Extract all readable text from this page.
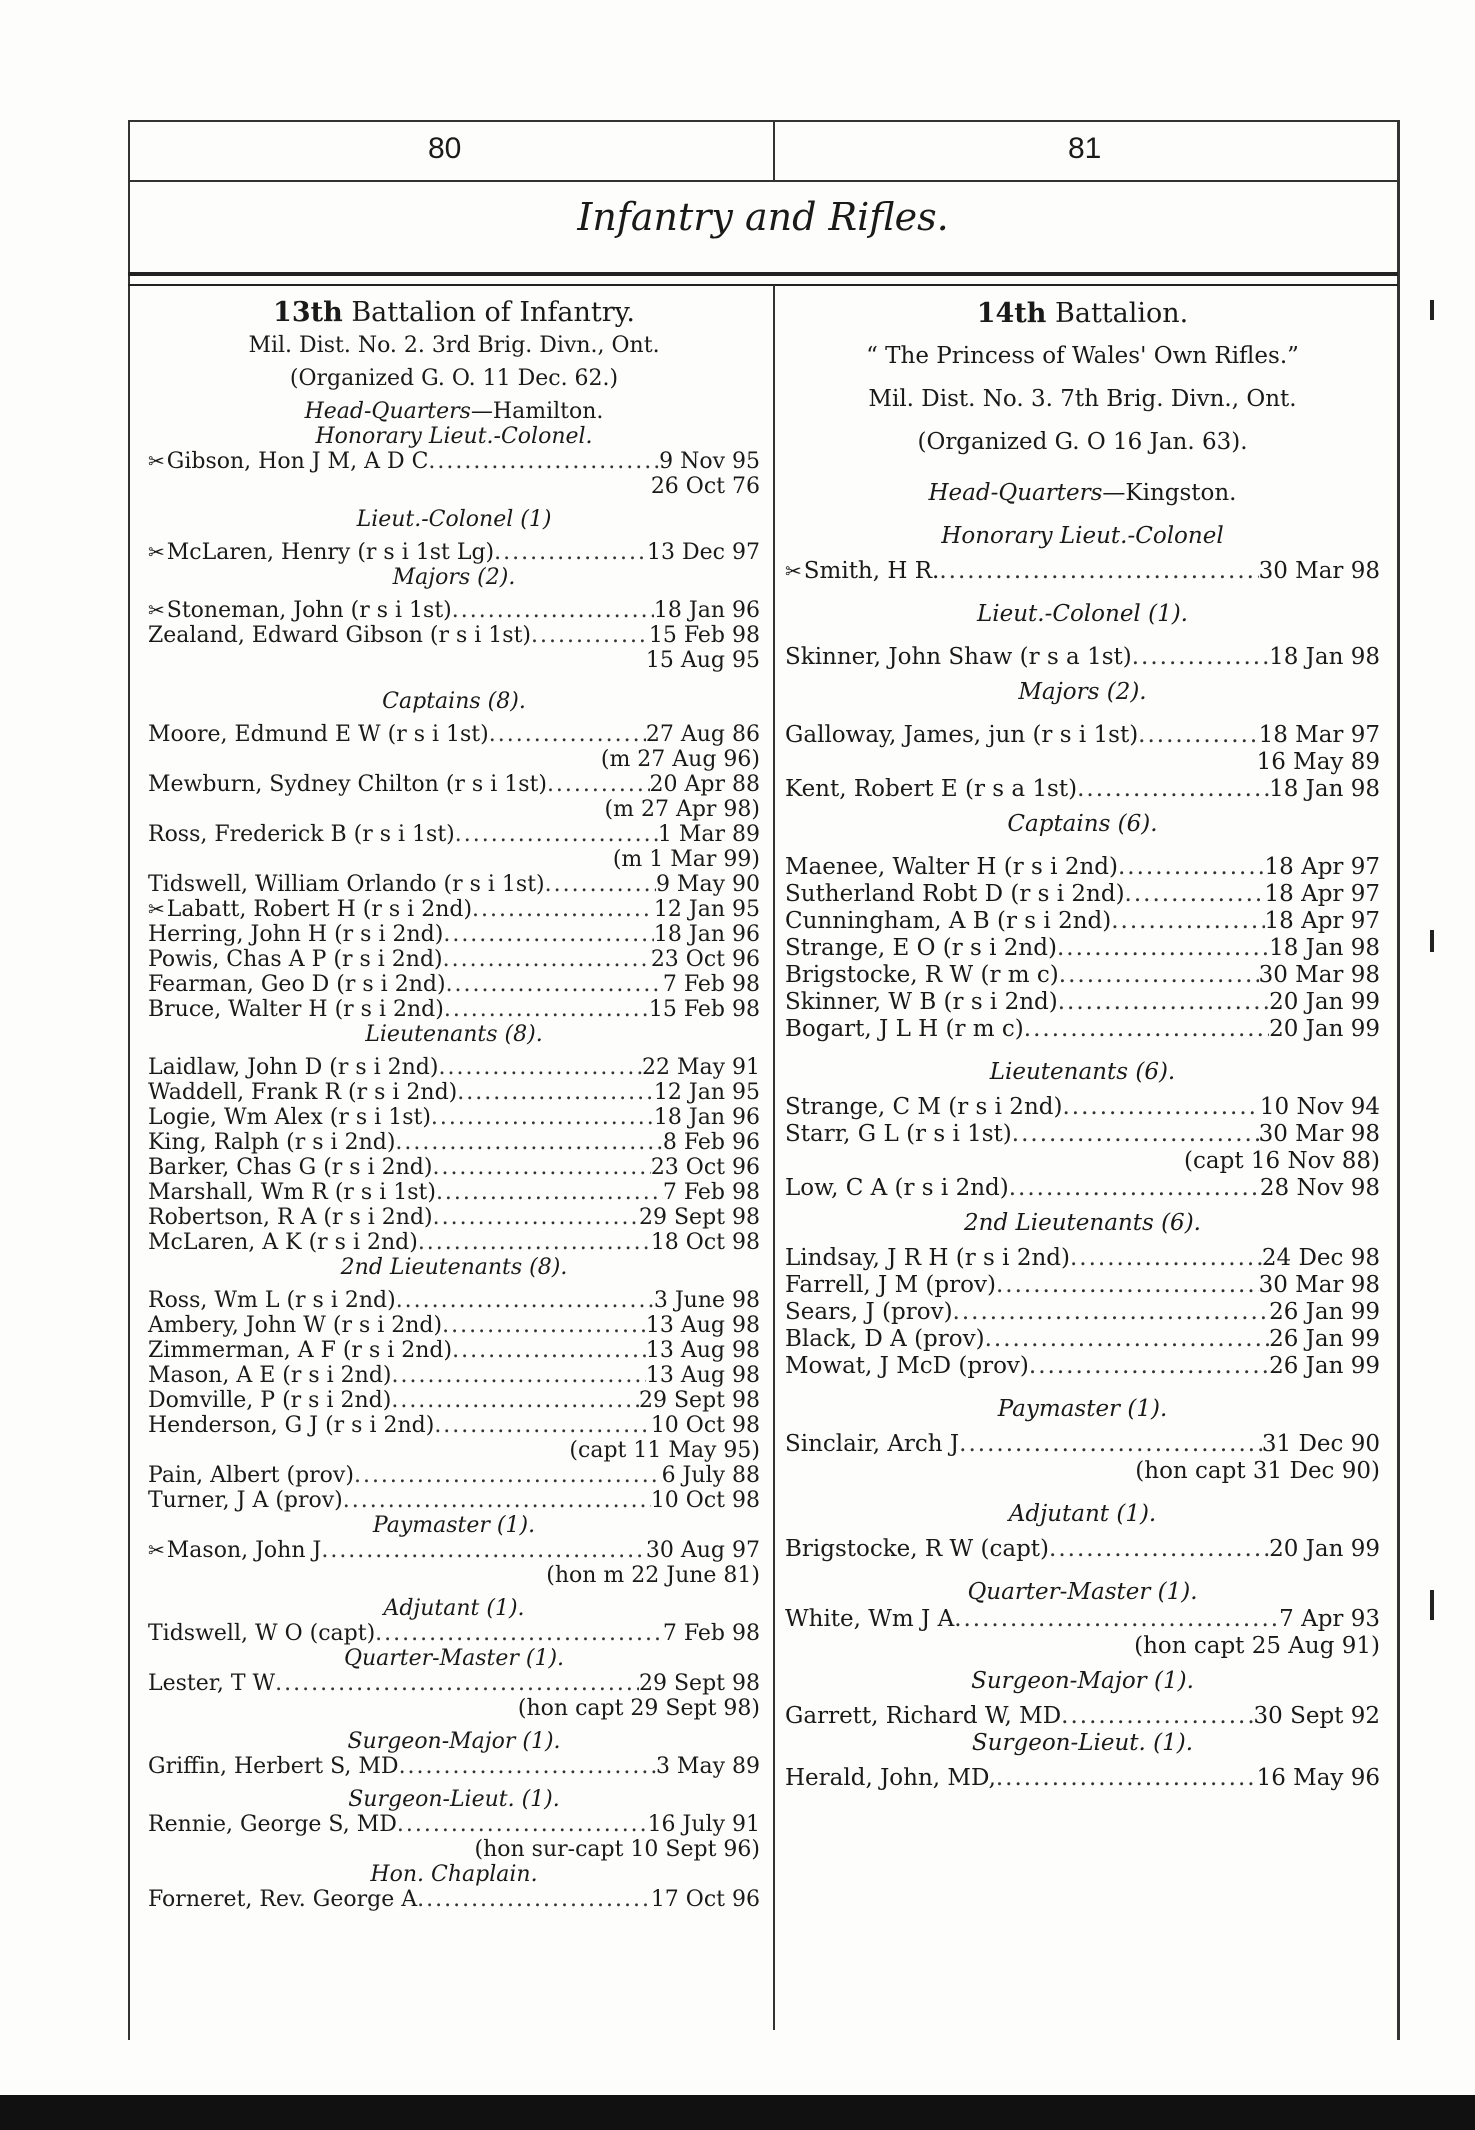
80	81
Infantry and Rifles.
13th Battalion of Infantry.
Mil. Dist. No. 2. 3rd Brig. Divn., Ont.
(Organized G. O. 11 Dec. 62.)
Head-Quarters—Hamilton.
Honorary Lieut.-Colonel.
✂Gibson, Hon J M, A D C .....	9 Nov 95
26 Oct 76
Lieut.-Colonel (1)
✂McLaren, Henry (r s i 1st Lg) .....	13 Dec 97
Majors (2).
✂Stoneman, John (r s i 1st) .....	18 Jan 96
Zealand, Edward Gibson (r s i 1st) .....	15 Feb 98
15 Aug 95
Captains (8).
Moore, Edmund E W (r s i 1st) .....	27 Aug 86
(m 27 Aug 96)
Mewburn, Sydney Chilton (r s i 1st) .....	20 Apr 88
(m 27 Apr 98)
Ross, Frederick B (r s i 1st) .....	1 Mar 89
(m 1 Mar 99)
Tidswell, William Orlando (r s i 1st) .....	9 May 90
✂Labatt, Robert H (r s i 2nd) .....	12 Jan 95
Herring, John H (r s i 2nd) .....	18 Jan 96
Powis, Chas A P (r s i 2nd) .....	23 Oct 96
Fearman, Geo D (r s i 2nd) .....	7 Feb 98
Bruce, Walter H (r s i 2nd) .....	15 Feb 98
Lieutenants (8).
Laidlaw, John D (r s i 2nd) .....	22 May 91
Waddell, Frank R (r s i 2nd) .....	12 Jan 95
Logie, Wm Alex (r s i 1st) .....	18 Jan 96
King, Ralph (r s i 2nd) .....	8 Feb 96
Barker, Chas G (r s i 2nd) .....	23 Oct 96
Marshall, Wm R (r s i 1st) .....	7 Feb 98
Robertson, R A (r s i 2nd) .....	29 Sept 98
McLaren, A K (r s i 2nd) .....	18 Oct 98
2nd Lieutenants (8).
Ross, Wm L (r s i 2nd) .....	3 June 98
Ambery, John W (r s i 2nd) .....	13 Aug 98
Zimmerman, A F (r s i 2nd) .....	13 Aug 98
Mason, A E (r s i 2nd) .....	13 Aug 98
Domville, P (r s i 2nd) .....	29 Sept 98
Henderson, G J (r s i 2nd) .....	10 Oct 98
(capt 11 May 95)
Pain, Albert (prov) .....	6 July 88
Turner, J A (prov) .....	10 Oct 98
Paymaster (1).
✂Mason, John J .....	30 Aug 97
(hon m 22 June 81)
Adjutant (1).
Tidswell, W O (capt) .....	7 Feb 98
Quarter-Master (1).
Lester, T W .....	29 Sept 98
(hon capt 29 Sept 98)
Surgeon-Major (1).
Griffin, Herbert S, MD .....	3 May 89
Surgeon-Lieut. (1).
Rennie, George S, MD .....	16 July 91
(hon sur-capt 10 Sept 96)
Hon. Chaplain.
Forneret, Rev. George A .....	17 Oct 96
14th Battalion.
“ The Princess of Wales' Own Rifles.”
Mil. Dist. No. 3. 7th Brig. Divn., Ont.
(Organized G. O 16 Jan. 63).
Head-Quarters—Kingston.
Honorary Lieut.-Colonel
✂Smith, H R. .....	30 Mar 98
Lieut.-Colonel (1).
Skinner, John Shaw (r s a 1st) .....	18 Jan 98
Majors (2).
Galloway, James, jun (r s i 1st) .....	18 Mar 97
16 May 89
Kent, Robert E (r s a 1st) .....	18 Jan 98
Captains (6).
Maenee, Walter H (r s i 2nd) .....	18 Apr 97
Sutherland Robt D (r s i 2nd) .....	18 Apr 97
Cunningham, A B (r s i 2nd) .....	18 Apr 97
Strange, E O (r s i 2nd) .....	18 Jan 98
Brigstocke, R W (r m c) .....	30 Mar 98
Skinner, W B (r s i 2nd) .....	20 Jan 99
Bogart, J L H (r m c) .....	20 Jan 99
Lieutenants (6).
Strange, C M (r s i 2nd) .....	10 Nov 94
Starr, G L (r s i 1st) .....	30 Mar 98
(capt 16 Nov 88)
Low, C A (r s i 2nd) .....	28 Nov 98
2nd Lieutenants (6).
Lindsay, J R H (r s i 2nd) .....	24 Dec 98
Farrell, J M (prov) .....	30 Mar 98
Sears, J (prov) .....	26 Jan 99
Black, D A (prov) .....	26 Jan 99
Mowat, J McD (prov) .....	26 Jan 99
Paymaster (1).
Sinclair, Arch J .....	31 Dec 90
(hon capt 31 Dec 90)
Adjutant (1).
Brigstocke, R W (capt) .....	20 Jan 99
Quarter-Master (1).
White, Wm J A .....	7 Apr 93
(hon capt 25 Aug 91)
Surgeon-Major (1).
Garrett, Richard W, MD .....	30 Sept 92
Surgeon-Lieut. (1).
Herald, John, MD, .....	16 May 96
